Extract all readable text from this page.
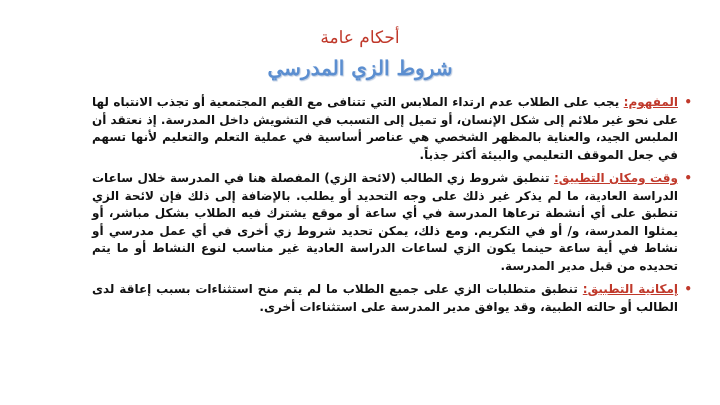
أحكام عامة
شروط الزي المدرسي
•
المفهوم: يجب على الطلاب عدم ارتداء الملابس التي تتنافى مع القيم المجتمعية أو تجذب الانتباه لها على نحو غير ملائم إلى شكل الإنسان، أو تميل إلى التسبب في التشويش داخل المدرسة. إذ نعتقد أن الملبس الجيد، والعناية بالمظهر الشخصي هي عناصر أساسية في عملية التعلم والتعليم لأنها تسهم في جعل الموقف التعليمي والبيئة أكثر جذباً.
•
وقت ومكان التطبيق: تنطبق شروط زي الطالب (لائحة الزي) المفصلة هنا في المدرسة خلال ساعات الدراسة العادية، ما لم يذكر غير ذلك على وجه التحديد أو يطلب. بالإضافة إلى ذلك فإن لائحة الزي تنطبق على أي أنشطة ترعاها المدرسة في أي ساعة أو موقع يشترك فيه الطلاب بشكل مباشر، أو يمثلوا المدرسة، و/ أو في التكريم. ومع ذلك، يمكن تحديد شروط زي أخرى في أي عمل مدرسي أو نشاط في أية ساعة حينما يكون الزي لساعات الدراسة العادية غير مناسب لنوع النشاط أو ما يتم تحديده من قبل مدير المدرسة.
•
إمكانية التطبيق: تنطبق متطلبات الزي على جميع الطلاب ما لم يتم منح استثناءات بسبب إعاقة لدى الطالب أو حالته الطبية، وقد يوافق مدير المدرسة على استثناءات أخرى.
